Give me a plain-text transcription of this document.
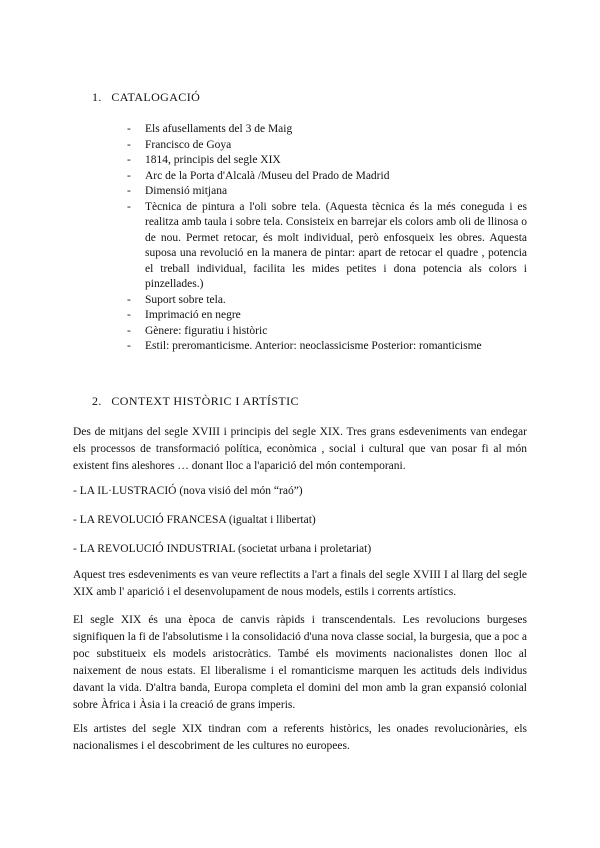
1. CATALOGACIÓ
- Els afusellaments del 3 de Maig
- Francisco de Goya
- 1814, principis del segle XIX
- Arc de la Porta d'Alcalà /Museu del Prado de Madrid
- Dimensió mitjana
- Tècnica de pintura a l'oli sobre tela. (Aquesta tècnica és la més coneguda i es realitza amb taula i sobre tela. Consisteix en barrejar els colors amb oli de llinosa o de nou. Permet retocar, és molt individual, però enfosqueix les obres. Aquesta suposa una revolució en la manera de pintar: apart de retocar el quadre , potencia el treball individual, facilita les mides petites i dona potencia als colors i pinzellades.)
- Suport sobre tela.
- Imprimació en negre
- Gènere: figuratiu i històric
- Estil: preromanticisme. Anterior: neoclassicisme Posterior: romanticisme
2. CONTEXT HISTÒRIC I ARTÍSTIC
Des de mitjans del segle XVIII i principis del segle XIX. Tres grans esdeveniments van endegar els processos de transformació política, econòmica , social i cultural que van posar fi al món existent fins aleshores … donant lloc a l'aparició del món contemporani.
- LA IL·LUSTRACIÓ (nova visió del món “raó”)
- LA REVOLUCIÓ FRANCESA (igualtat i llibertat)
- LA REVOLUCIÓ INDUSTRIAL (societat urbana i proletariat)
Aquest tres esdeveniments es van veure reflectits a l'art a finals del segle XVIII I al llarg del segle XIX amb l' aparició i el desenvolupament de nous models, estils i corrents artístics.
El segle XIX és una època de canvis ràpids i transcendentals. Les revolucions burgeses signifiquen la fi de l'absolutisme i la consolidació d'una nova classe social, la burgesia, que a poc a poc substitueix els models aristocràtics. També els moviments nacionalistes donen lloc al naixement de nous estats. El liberalisme i el romanticisme marquen les actituds dels individus davant la vida. D'altra banda, Europa completa el domini del mon amb la gran expansió colonial sobre Àfrica i Àsia i la creació de grans imperis.
Els artistes del segle XIX tindran com a referents històrics, les onades revolucionàries, els nacionalismes i el descobriment de les cultures no europees.
